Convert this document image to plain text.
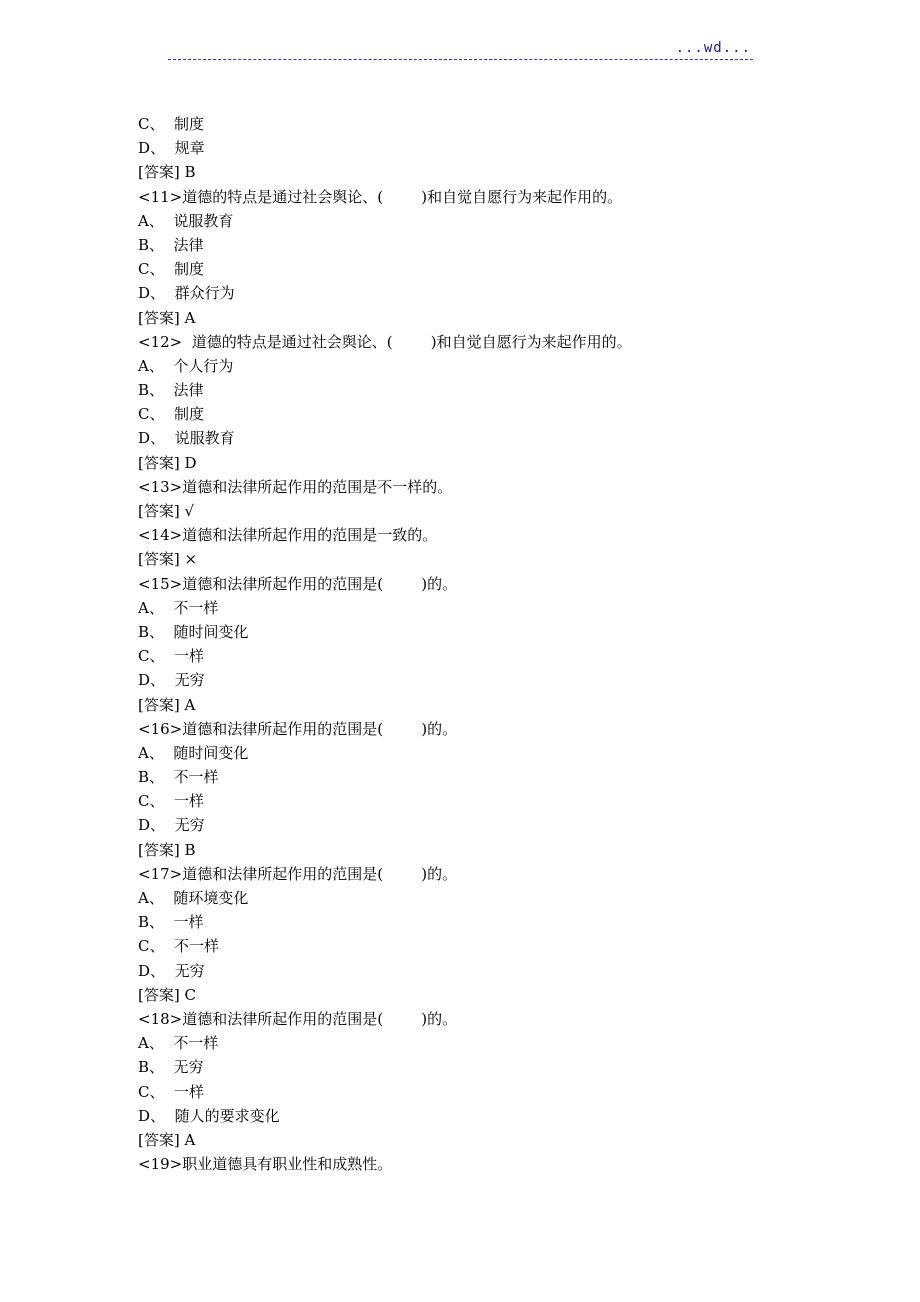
...wd...
C、  制度
D、  规章
[答案] B
<11>道德的特点是通过社会舆论、(        )和自觉自愿行为来起作用的。
A、  说服教育
B、  法律
C、  制度
D、  群众行为
[答案] A
<12>  道德的特点是通过社会舆论、(        )和自觉自愿行为来起作用的。
A、  个人行为
B、  法律
C、  制度
D、  说服教育
[答案] D
<13>道德和法律所起作用的范围是不一样的。
[答案] √
<14>道德和法律所起作用的范围是一致的。
[答案] ×
<15>道德和法律所起作用的范围是(        )的。
A、  不一样
B、  随时间变化
C、  一样
D、  无穷
[答案] A
<16>道德和法律所起作用的范围是(        )的。
A、  随时间变化
B、  不一样
C、  一样
D、  无穷
[答案] B
<17>道德和法律所起作用的范围是(        )的。
A、  随环境变化
B、  一样
C、  不一样
D、  无穷
[答案] C
<18>道德和法律所起作用的范围是(        )的。
A、  不一样
B、  无穷
C、  一样
D、  随人的要求变化
[答案] A
<19>职业道德具有职业性和成熟性。
